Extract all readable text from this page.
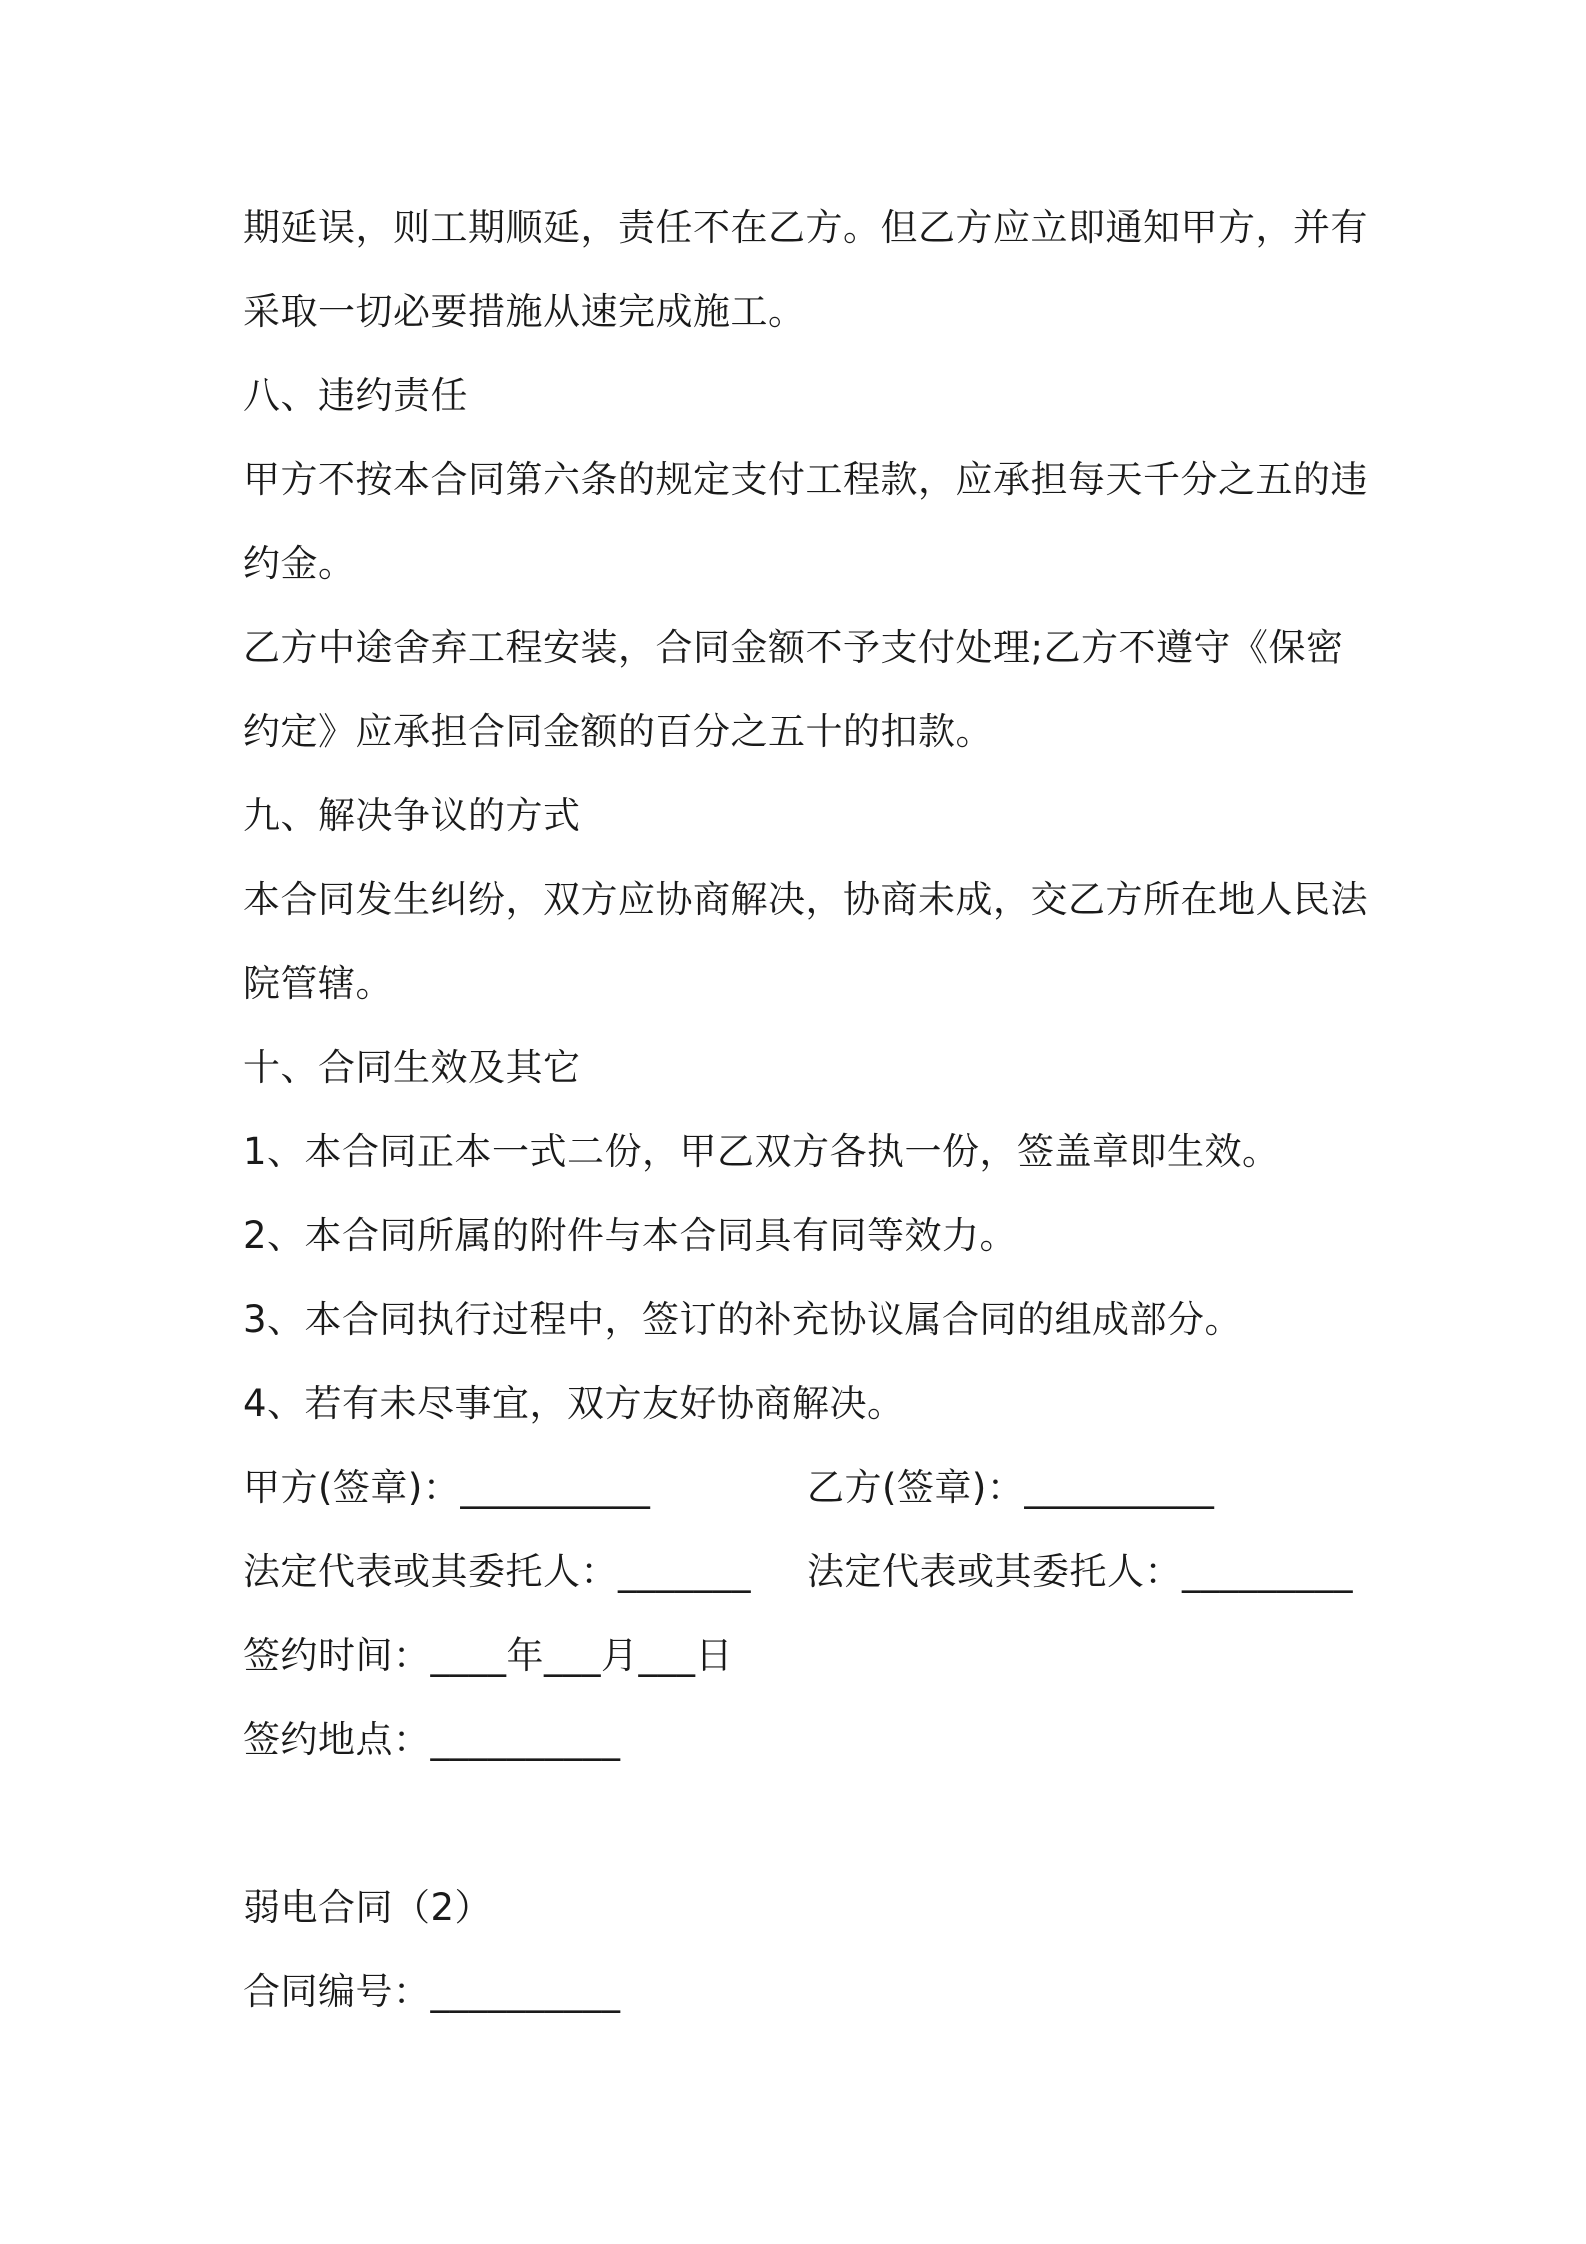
期延误，则工期顺延，责任不在乙方。但乙方应立即通知甲方，并有
采取一切必要措施从速完成施工。
八、违约责任
甲方不按本合同第六条的规定支付工程款，应承担每天千分之五的违
约金。
乙方中途舍弃工程安装，合同金额不予支付处理;乙方不遵守《保密
约定》应承担合同金额的百分之五十的扣款。
九、解决争议的方式
本合同发生纠纷，双方应协商解决，协商未成，交乙方所在地人民法
院管辖。
十、合同生效及其它
1、本合同正本一式二份，甲乙双方各执一份，签盖章即生效。
2、本合同所属的附件与本合同具有同等效力。
3、本合同执行过程中，签订的补充协议属合同的组成部分。
4、若有未尽事宜，双方友好协商解决。
甲方(签章)：__________	乙方(签章)：__________
法定代表或其委托人：_______ 法定代表或其委托人：_________
签约时间：____年___月___日
签约地点：__________
弱电合同（2）
合同编号：__________
